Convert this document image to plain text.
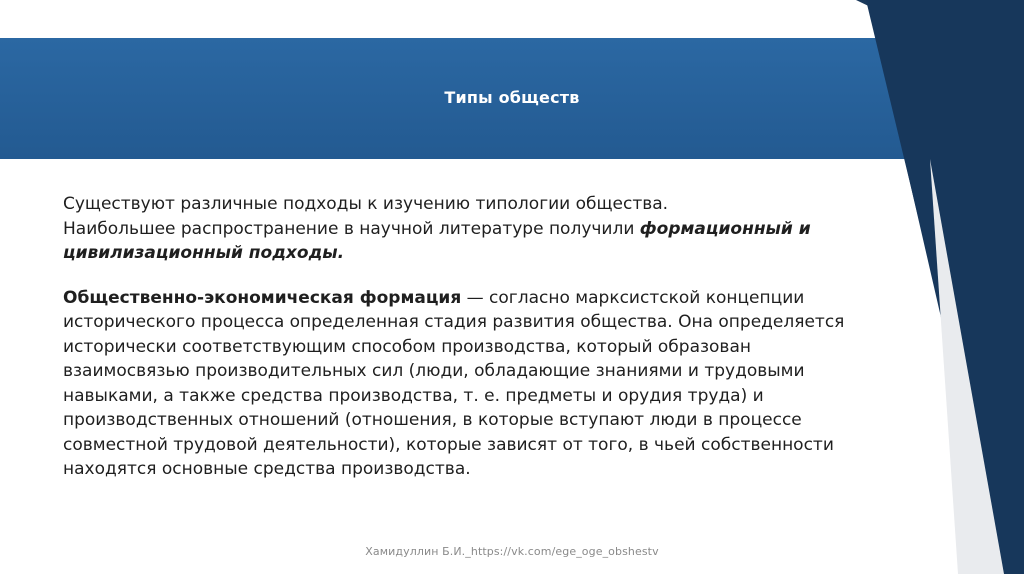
Типы обществ

Существуют различные подходы к изучению типологии общества.
Наибольшее распространение в научной литературе получили формационный и цивилизационный подходы.

Общественно-экономическая формация — согласно марксистской концепции исторического процесса определенная стадия развития общества. Она определяется исторически соответствующим способом производства, который образован взаимосвязью производительных сил (люди, обладающие знаниями и трудовыми навыками, а также средства производства, т. е. предметы и орудия труда) и производственных отношений (отношения, в которые вступают люди в процессе совместной трудовой деятельности), которые зависят от того, в чьей собственности находятся основные средства производства.

Хамидуллин Б.И._https://vk.com/ege_oge_obshestv
